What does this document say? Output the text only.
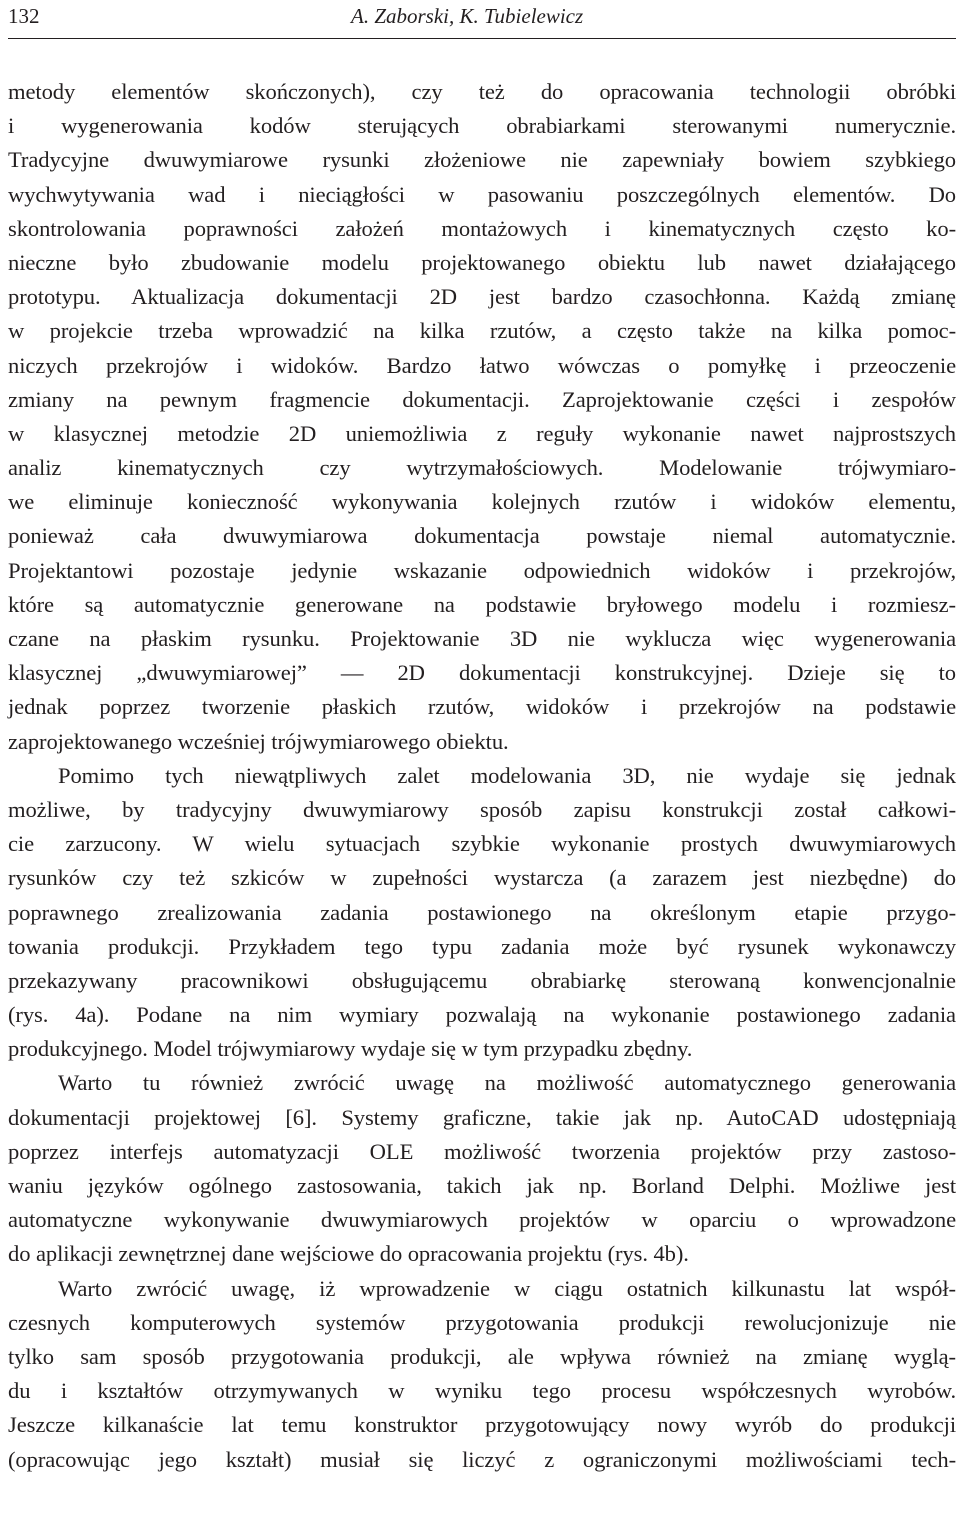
132	A. Zaborski, K. Tubielewicz
metody elementów skończonych), czy też do opracowania technologii obróbki
i wygenerowania kodów sterujących obrabiarkami sterowanymi numerycznie.
Tradycyjne dwuwymiarowe rysunki złożeniowe nie zapewniały bowiem szybkiego
wychwytywania wad i nieciągłości w pasowaniu poszczególnych elementów. Do
skontrolowania poprawności założeń montażowych i kinematycznych często ko-
nieczne było zbudowanie modelu projektowanego obiektu lub nawet działającego
prototypu. Aktualizacja dokumentacji 2D jest bardzo czasochłonna. Każdą zmianę
w projekcie trzeba wprowadzić na kilka rzutów, a często także na kilka pomoc-
niczych przekrojów i widoków. Bardzo łatwo wówczas o pomyłkę i przeoczenie
zmiany na pewnym fragmencie dokumentacji. Zaprojektowanie części i zespołów
w klasycznej metodzie 2D uniemożliwia z reguły wykonanie nawet najprostszych
analiz kinematycznych czy wytrzymałościowych. Modelowanie trójwymiaro-
we eliminuje konieczność wykonywania kolejnych rzutów i widoków elementu,
ponieważ cała dwuwymiarowa dokumentacja powstaje niemal automatycznie.
Projektantowi pozostaje jedynie wskazanie odpowiednich widoków i przekrojów,
które są automatycznie generowane na podstawie bryłowego modelu i rozmiesz-
czane na płaskim rysunku. Projektowanie 3D nie wyklucza więc wygenerowania
klasycznej „dwuwymiarowej” — 2D dokumentacji konstrukcyjnej. Dzieje się to
jednak poprzez tworzenie płaskich rzutów, widoków i przekrojów na podstawie
zaprojektowanego wcześniej trójwymiarowego obiektu.
Pomimo tych niewątpliwych zalet modelowania 3D, nie wydaje się jednak
możliwe, by tradycyjny dwuwymiarowy sposób zapisu konstrukcji został całkowi-
cie zarzucony. W wielu sytuacjach szybkie wykonanie prostych dwuwymiarowych
rysunków czy też szkiców w zupełności wystarcza (a zarazem jest niezbędne) do
poprawnego zrealizowania zadania postawionego na określonym etapie przygo-
towania produkcji. Przykładem tego typu zadania może być rysunek wykonawczy
przekazywany pracownikowi obsługującemu obrabiarkę sterowaną konwencjonalnie
(rys. 4a). Podane na nim wymiary pozwalają na wykonanie postawionego zadania
produkcyjnego. Model trójwymiarowy wydaje się w tym przypadku zbędny.
Warto tu również zwrócić uwagę na możliwość automatycznego generowania
dokumentacji projektowej [6]. Systemy graficzne, takie jak np. AutoCAD udostępniają
poprzez interfejs automatyzacji OLE możliwość tworzenia projektów przy zastoso-
waniu języków ogólnego zastosowania, takich jak np. Borland Delphi. Możliwe jest
automatyczne wykonywanie dwuwymiarowych projektów w oparciu o wprowadzone
do aplikacji zewnętrznej dane wejściowe do opracowania projektu (rys. 4b).
Warto zwrócić uwagę, iż wprowadzenie w ciągu ostatnich kilkunastu lat współ-
czesnych komputerowych systemów przygotowania produkcji rewolucjonizuje nie
tylko sam sposób przygotowania produkcji, ale wpływa również na zmianę wyglą-
du i kształtów otrzymywanych w wyniku tego procesu współczesnych wyrobów.
Jeszcze kilkanaście lat temu konstruktor przygotowujący nowy wyrób do produkcji
(opracowując jego kształt) musiał się liczyć z ograniczonymi możliwościami tech-
